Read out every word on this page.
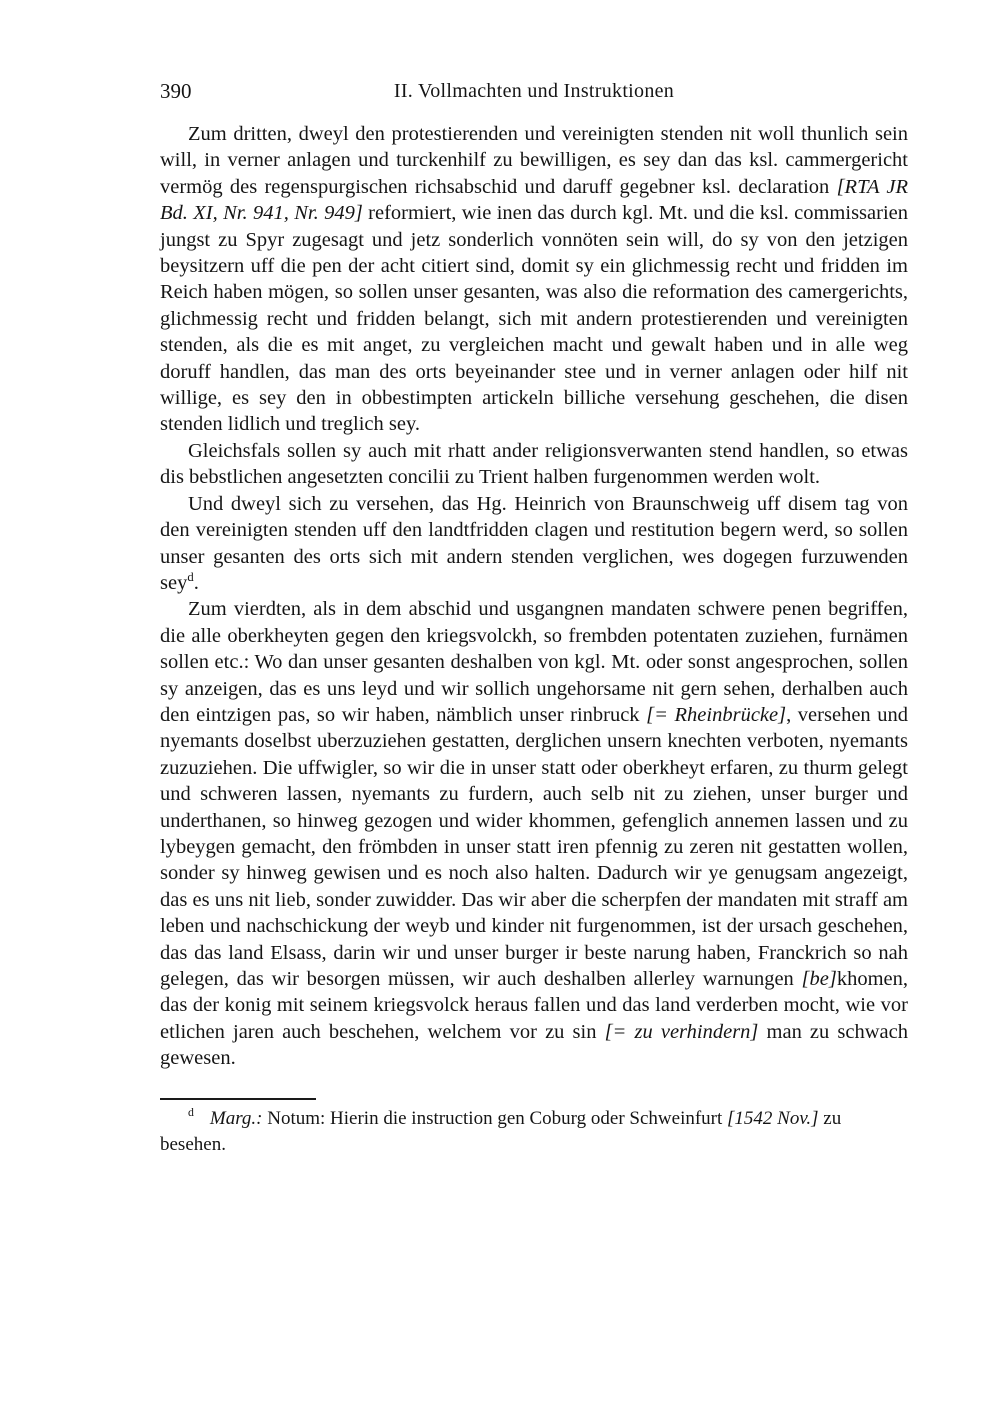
390	II. Vollmachten und Instruktionen

Zum dritten, dweyl den protestierenden und vereinigten stenden nit woll thunlich sein will, in verner anlagen und turckenhilf zu bewilligen, es sey dan das ksl. cammergericht vermög des regenspurgischen richsabschid und daruff gegebner ksl. declaration [RTA JR Bd. XI, Nr. 941, Nr. 949] reformiert, wie inen das durch kgl. Mt. und die ksl. commissarien jungst zu Spyr zugesagt und jetz sonderlich vonnöten sein will, do sy von den jetzigen beysitzern uff die pen der acht citiert sind, domit sy ein glichmessig recht und fridden im Reich haben mögen, so sollen unser gesanten, was also die reformation des camergerichts, glichmessig recht und fridden belangt, sich mit andern protestierenden und vereinigten stenden, als die es mit anget, zu vergleichen macht und gewalt haben und in alle weg doruff handlen, das man des orts beyeinander stee und in verner anlagen oder hilf nit willige, es sey den in obbestimpten artickeln billiche versehung geschehen, die disen stenden lidlich und treglich sey.

Gleichsfals sollen sy auch mit rhatt ander religionsverwanten stend handlen, so etwas dis bebstlichen angesetzten concilii zu Trient halben furgenommen werden wolt.

Und dweyl sich zu versehen, das Hg. Heinrich von Braunschweig uff disem tag von den vereinigten stenden uff den landtfridden clagen und restitution begern werd, so sollen unser gesanten des orts sich mit andern stenden verglichen, wes dogegen furzuwenden sey$^d$.

Zum vierdten, als in dem abschid und usgangnen mandaten schwere penen begriffen, die alle oberkheyten gegen den kriegsvolckh, so frembden potentaten zuziehen, furnämen sollen etc.: Wo dan unser gesanten deshalben von kgl. Mt. oder sonst angesprochen, sollen sy anzeigen, das es uns leyd und wir sollich ungehorsame nit gern sehen, derhalben auch den eintzigen pas, so wir haben, nämblich unser rinbruck [= Rheinbrücke], versehen und nyemants doselbst uberzuziehen gestatten, derglichen unsern knechten verboten, nyemants zuzuziehen. Die uffwigler, so wir die in unser statt oder oberkheyt erfaren, zu thurm gelegt und schweren lassen, nyemants zu furdern, auch selb nit zu ziehen, unser burger und underthanen, so hinweg gezogen und wider khommen, gefenglich annemen lassen und zu lybeygen gemacht, den frömbden in unser statt iren pfennig zu zeren nit gestatten wollen, sonder sy hinweg gewisen und es noch also halten. Dadurch wir ye genugsam angezeigt, das es uns nit lieb, sonder zuwidder. Das wir aber die scherpfen der mandaten mit straff am leben und nachschickung der weyb und kinder nit furgenommen, ist der ursach geschehen, das das land Elsass, darin wir und unser burger ir beste narung haben, Franckrich so nah gelegen, das wir besorgen müssen, wir auch deshalben allerley warnungen [be]khomen, das der konig mit seinem kriegsvolck heraus fallen und das land verderben mocht, wie vor etlichen jaren auch beschehen, welchem vor zu sin [= zu verhindern] man zu schwach gewesen.

$^d$ Marg.: Notum: Hierin die instruction gen Coburg oder Schweinfurt [1542 Nov.] zu besehen.
